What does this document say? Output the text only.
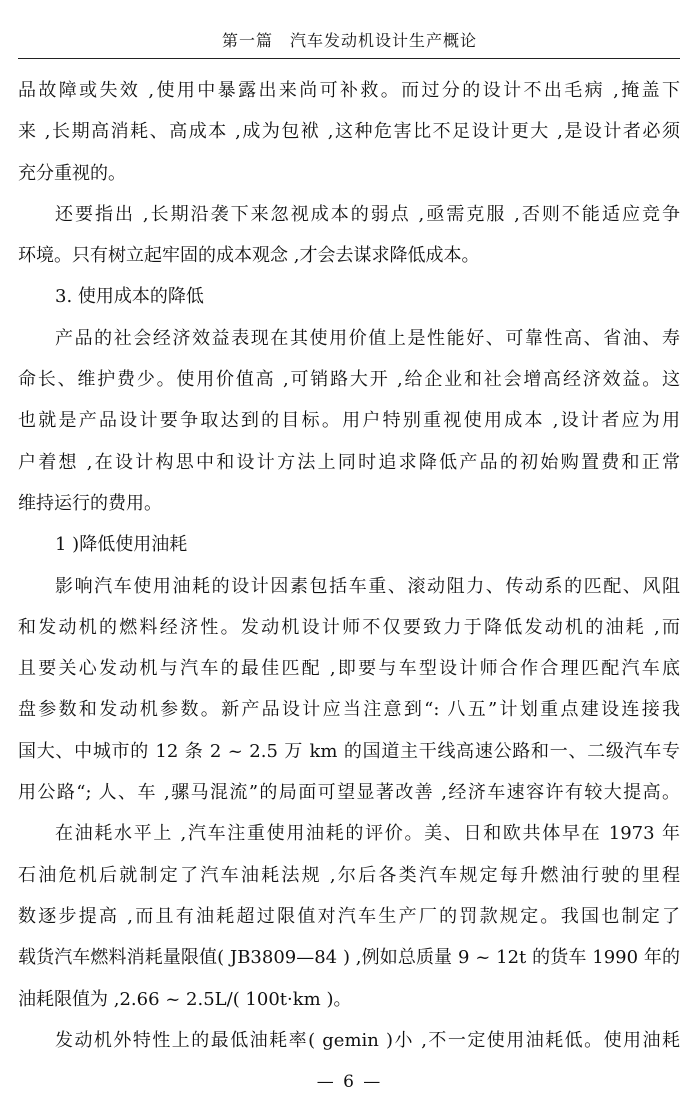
第一篇　汽车发动机设计生产概论
品故障或失效 ,使用中暴露出来尚可补救。而过分的设计不出毛病 ,掩盖下
来 ,长期高消耗、高成本 ,成为包袱 ,这种危害比不足设计更大 ,是设计者必须
充分重视的。
还要指出 ,长期沿袭下来忽视成本的弱点 ,亟需克服 ,否则不能适应竞争
环境。只有树立起牢固的成本观念 ,才会去谋求降低成本。
3. 使用成本的降低
产品的社会经济效益表现在其使用价值上是性能好、可靠性高、省油、寿
命长、维护费少。使用价值高 ,可销路大开 ,给企业和社会增高经济效益。这
也就是产品设计要争取达到的目标。用户特别重视使用成本 ,设计者应为用
户着想 ,在设计构思中和设计方法上同时追求降低产品的初始购置费和正常
维持运行的费用。
1 )降低使用油耗
影响汽车使用油耗的设计因素包括车重、滚动阻力、传动系的匹配、风阻
和发动机的燃料经济性。发动机设计师不仅要致力于降低发动机的油耗 ,而
且要关心发动机与汽车的最佳匹配 ,即要与车型设计师合作合理匹配汽车底
盘参数和发动机参数。新产品设计应当注意到“: 八五”计划重点建设连接我
国大、中城市的 12 条 2 ~ 2.5 万 km 的国道主干线高速公路和一、二级汽车专
用公路“; 人、车 ,骡马混流”的局面可望显著改善 ,经济车速容许有较大提高。
在油耗水平上 ,汽车注重使用油耗的评价。美、日和欧共体早在 1973 年
石油危机后就制定了汽车油耗法规 ,尔后各类汽车规定每升燃油行驶的里程
数逐步提高 ,而且有油耗超过限值对汽车生产厂的罚款规定。我国也制定了
载货汽车燃料消耗量限值( JB3809—84 ) ,例如总质量 9 ~ 12t 的货车 1990 年的
油耗限值为 ,2.66 ~ 2.5L/( 100t·km )。
发动机外特性上的最低油耗率( gemin )小 ,不一定使用油耗低。使用油耗
— 6 —
